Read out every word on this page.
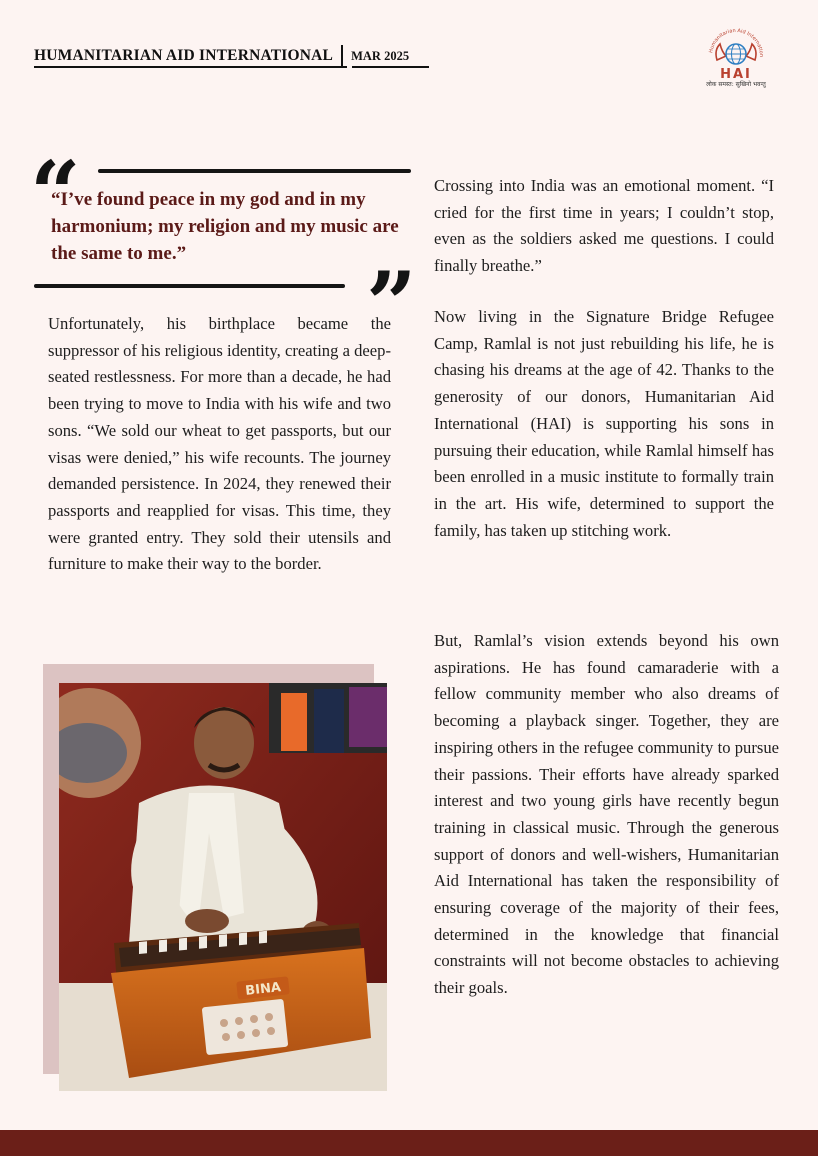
HUMANITARIAN AID INTERNATIONAL	MAR 2025	Humanitarian Aid Internation
HAI
लोक समस्त: सुखिनो भवन्तु
“

“I’ve found peace in my god and in my harmonium; my religion and my music are the same to me.”	”

Unfortunately, his birthplace became the suppressor of his religious identity, creating a deep-seated restlessness. For more than a decade, he had been trying to move to India with his wife and two sons. “We sold our wheat to get passports, but our visas were denied,” his wife recounts. The journey demanded persistence. In 2024, they renewed their passports and reapplied for visas. This time, they were granted entry. They sold their utensils and furniture to make their way to the border.

Crossing into India was an emotional moment. “I cried for the first time in years; I couldn’t stop, even as the soldiers asked me questions. I could finally breathe.”

Now living in the Signature Bridge Refugee Camp, Ramlal is not just rebuilding his life, he is chasing his dreams at the age of 42. Thanks to the generosity of our donors, Humanitarian Aid International (HAI) is supporting his sons in pursuing their education, while Ramlal himself has been enrolled in a music institute to formally train in the art. His wife, determined to support the family, has taken up stitching work.

But, Ramlal’s vision extends beyond his own aspirations. He has found camaraderie with a fellow community member who also dreams of becoming a playback singer. Together, they are inspiring others in the refugee community to pursue their passions. Their efforts have already sparked interest and two young girls have recently begun training in classical music. Through the generous support of donors and well-wishers, Humanitarian Aid International has taken the responsibility of ensuring coverage of the majority of their fees, determined in the knowledge that financial constraints will not become obstacles to achieving their goals.

BINA
